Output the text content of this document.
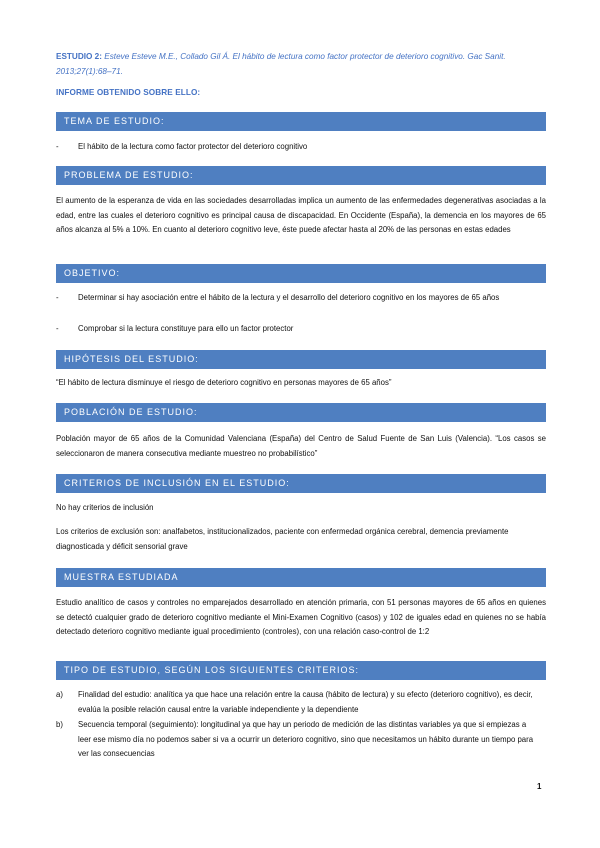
ESTUDIO 2: Esteve Esteve M.E., Collado Gil Á. El hábito de lectura como factor protector de deterioro cognitivo. Gac Sanit. 2013;27(1):68–71.
INFORME OBTENIDO SOBRE ELLO:
TEMA DE ESTUDIO:
- El hábito de la lectura como factor protector del deterioro cognitivo
PROBLEMA DE ESTUDIO:
El aumento de la esperanza de vida en las sociedades desarrolladas implica un aumento de las enfermedades degenerativas asociadas a la edad, entre las cuales el deterioro cognitivo es principal causa de discapacidad. En Occidente (España), la demencia en los mayores de 65 años alcanza al 5% a 10%. En cuanto al deterioro cognitivo leve, éste puede afectar hasta al 20% de las personas en estas edades
OBJETIVO:
- Determinar si hay asociación entre el hábito de la lectura y el desarrollo del deterioro cognitivo en los mayores de 65 años
- Comprobar si la lectura constituye para ello un factor protector
HIPÓTESIS DEL ESTUDIO:
“El hábito de lectura disminuye el riesgo de deterioro cognitivo en personas mayores de 65 años”
POBLACIÓN DE ESTUDIO:
Población mayor de 65 años de la Comunidad Valenciana (España) del Centro de Salud Fuente de San Luis (Valencia). “Los casos se seleccionaron de manera consecutiva mediante muestreo no probabilístico”
CRITERIOS DE INCLUSIÓN EN EL ESTUDIO:
No hay criterios de inclusión
Los criterios de exclusión son: analfabetos, institucionalizados, paciente con enfermedad orgánica cerebral, demencia previamente diagnosticada y déficit sensorial grave
MUESTRA ESTUDIADA
Estudio analítico de casos y controles no emparejados desarrollado en atención primaria, con 51 personas mayores de 65 años en quienes se detectó cualquier grado de deterioro cognitivo mediante el Mini-Examen Cognitivo (casos) y 102 de iguales edad en quienes no se había detectado deterioro cognitivo mediante igual procedimiento (controles), con una relación caso-control de 1:2
TIPO DE ESTUDIO, SEGÚN LOS SIGUIENTES CRITERIOS:
a) Finalidad del estudio: analítica ya que hace una relación entre la causa (hábito de lectura) y su efecto (deterioro cognitivo), es decir, evalúa la posible relación causal entre la variable independiente y la dependiente
b) Secuencia temporal (seguimiento): longitudinal ya que hay un periodo de medición de las distintas variables ya que si empiezas a leer ese mismo día no podemos saber si va a ocurrir un deterioro cognitivo, sino que necesitamos un hábito durante un tiempo para ver las consecuencias
1
